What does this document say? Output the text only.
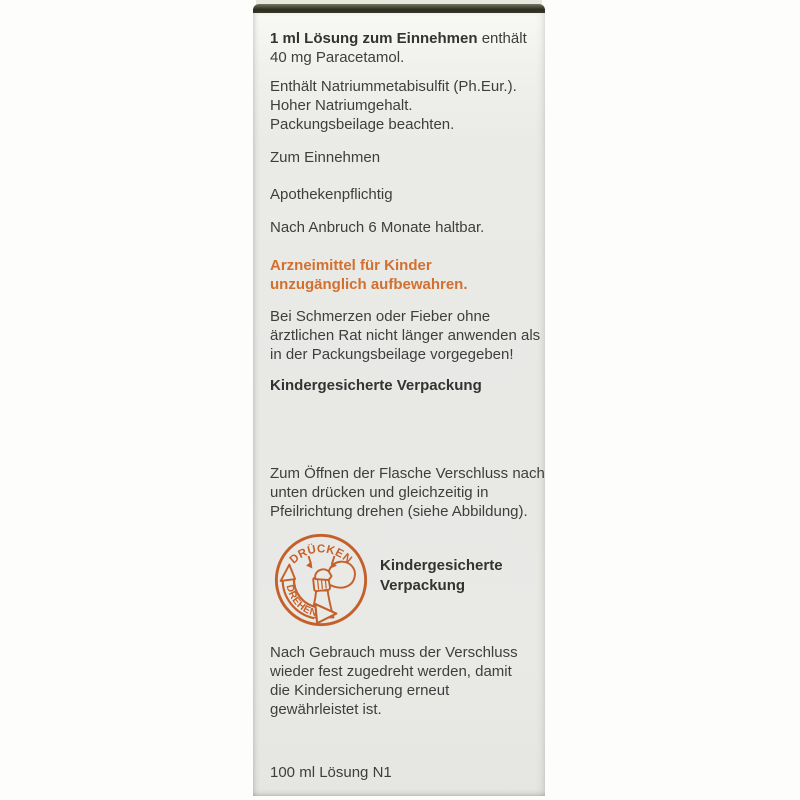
1 ml Lösung zum Einnehmen enthält
40 mg Paracetamol.
Enthält Natriummetabisulfit (Ph.Eur.).
Hoher Natriumgehalt.
Packungsbeilage beachten.
Zum Einnehmen
Apothekenpflichtig
Nach Anbruch 6 Monate haltbar.
Arzneimittel für Kinder
unzugänglich aufbewahren.
Bei Schmerzen oder Fieber ohne
ärztlichen Rat nicht länger anwenden als
in der Packungsbeilage vorgegeben!
Kindergesicherte Verpackung
Zum Öffnen der Flasche Verschluss nach
unten drücken und gleichzeitig in
Pfeilrichtung drehen (siehe Abbildung).
DREHEN
DRÜCKEN Kindergesicherte
Verpackung
Nach Gebrauch muss der Verschluss
wieder fest zugedreht werden, damit
die Kindersicherung erneut
gewährleistet ist.
100 ml Lösung N1
